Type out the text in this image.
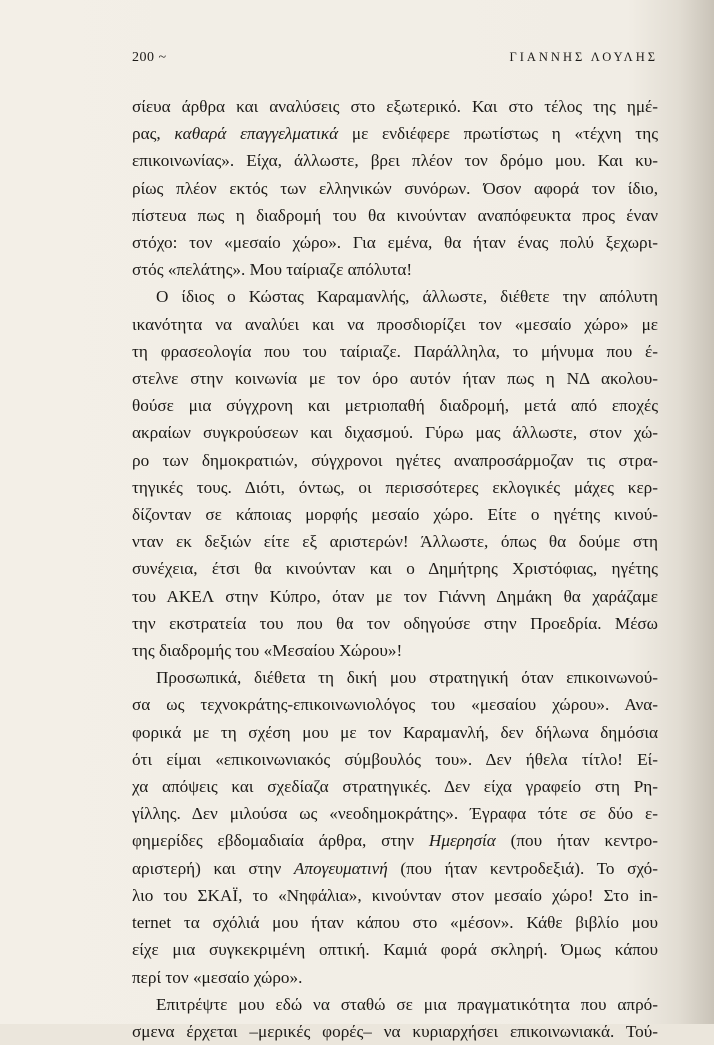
200 ~	ΓΙΑΝΝΗΣ ΛΟΥΛΗΣ
σίευα άρθρα και αναλύσεις στο εξωτερικό. Και στο τέλος της ημέ-
ρας, καθαρά επαγγελματικά με ενδιέφερε πρωτίστως η «τέχνη της
επικοινωνίας». Είχα, άλλωστε, βρει πλέον τον δρόμο μου. Και κυ-
ρίως πλέον εκτός των ελληνικών συνόρων. Όσον αφορά τον ίδιο,
πίστευα πως η διαδρομή του θα κινούνταν αναπόφευκτα προς έναν
στόχο: τον «μεσαίο χώρο». Για εμένα, θα ήταν ένας πολύ ξεχωρι-
στός «πελάτης». Μου ταίριαζε απόλυτα!
Ο ίδιος ο Κώστας Καραμανλής, άλλωστε, διέθετε την απόλυτη
ικανότητα να αναλύει και να προσδιορίζει τον «μεσαίο χώρο» με
τη φρασεολογία που του ταίριαζε. Παράλληλα, το μήνυμα που έ-
στελνε στην κοινωνία με τον όρο αυτόν ήταν πως η ΝΔ ακολου-
θούσε μια σύγχρονη και μετριοπαθή διαδρομή, μετά από εποχές
ακραίων συγκρούσεων και διχασμού. Γύρω μας άλλωστε, στον χώ-
ρο των δημοκρατιών, σύγχρονοι ηγέτες αναπροσάρμοζαν τις στρα-
τηγικές τους. Διότι, όντως, οι περισσότερες εκλογικές μάχες κερ-
δίζονταν σε κάποιας μορφής μεσαίο χώρο. Είτε ο ηγέτης κινού-
νταν εκ δεξιών είτε εξ αριστερών! Άλλωστε, όπως θα δούμε στη
συνέχεια, έτσι θα κινούνταν και ο Δημήτρης Χριστόφιας, ηγέτης
του ΑΚΕΛ στην Κύπρο, όταν με τον Γιάννη Δημάκη θα χαράζαμε
την εκστρατεία του που θα τον οδηγούσε στην Προεδρία. Μέσω
της διαδρομής του «Μεσαίου Χώρου»!
Προσωπικά, διέθετα τη δική μου στρατηγική όταν επικοινωνού-
σα ως τεχνοκράτης-επικοινωνιολόγος του «μεσαίου χώρου». Ανα-
φορικά με τη σχέση μου με τον Καραμανλή, δεν δήλωνα δημόσια
ότι είμαι «επικοινωνιακός σύμβουλός του». Δεν ήθελα τίτλο! Εί-
χα απόψεις και σχεδίαζα στρατηγικές. Δεν είχα γραφείο στη Ρη-
γίλλης. Δεν μιλούσα ως «νεοδημοκράτης». Έγραφα τότε σε δύο ε-
φημερίδες εβδομαδιαία άρθρα, στην Ημερησία (που ήταν κεντρο-
αριστερή) και στην Απογευματινή (που ήταν κεντροδεξιά). Το σχό-
λιο του ΣΚΑΪ, το «Νηφάλια», κινούνταν στον μεσαίο χώρο! Στο in-
ternet τα σχόλιά μου ήταν κάπου στο «μέσον». Κάθε βιβλίο μου
είχε μια συγκεκριμένη οπτική. Καμιά φορά σκληρή. Όμως κάπου
περί τον «μεσαίο χώρο».
Επιτρέψτε μου εδώ να σταθώ σε μια πραγματικότητα που απρό-
σμενα έρχεται –μερικές φορές– να κυριαρχήσει επικοινωνιακά. Τού-
